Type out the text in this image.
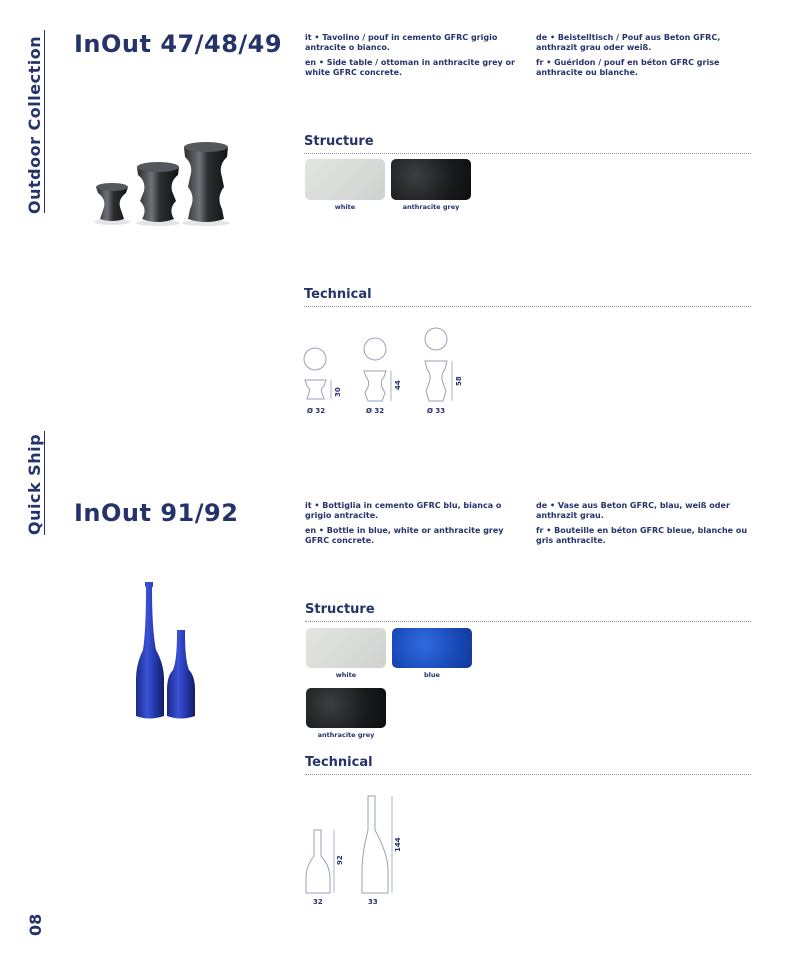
Outdoor Collection
Quick Ship
08
InOut 47/48/49	it • Tavolino / pouf in cemento GFRC grigio antracite o bianco.
en • Side table / ottoman in anthracite grey or white GFRC concrete.
de • Beistelltisch / Pouf aus Beton GFRC, anthrazit grau oder weiß.
fr • Guéridon / pouf en béton GFRC grise anthracite ou blanche.
Structure
white	anthracite grey
Technical
30
44	58
Ø 32	Ø 32	Ø 33
InOut 91/92	it • Bottiglia in cemento GFRC blu, bianca o grigio antracite.
en • Bottle in blue, white or anthracite grey GFRC concrete.
de • Vase aus Beton GFRC, blau, weiß oder anthrazit grau.
fr • Bouteille en béton GFRC bleue, blanche ou gris anthracite.
Structure
white	blue
anthracite grey
Technical
92
144
32	33
